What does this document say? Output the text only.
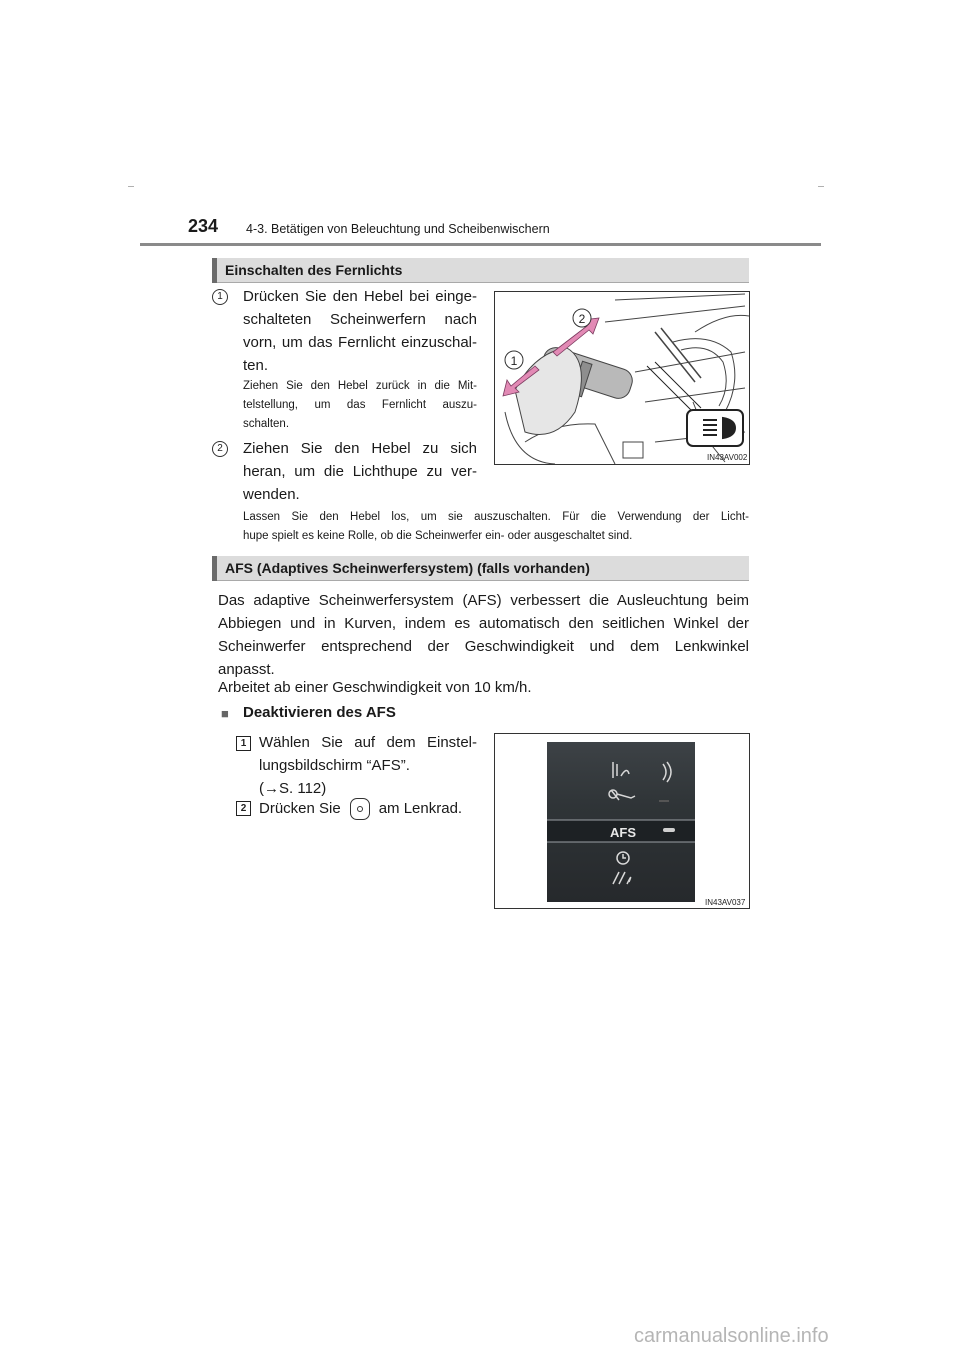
234 4-3. Betätigen von Beleuchtung und Scheibenwischern
Einschalten des Fernlichts
1	Drücken Sie den Hebel bei einge-
schalteten Scheinwerfern nach
vorn, um das Fernlicht einzuschal-
ten.
Ziehen Sie den Hebel zurück in die Mit-
telstellung, um das Fernlicht auszu-
schalten.
2	Ziehen Sie den Hebel zu sich
heran, um die Lichthupe zu ver-
wenden.
Lassen Sie den Hebel los, um sie auszuschalten. Für die Verwendung der Licht-
hupe spielt es keine Rolle, ob die Scheinwerfer ein- oder ausgeschaltet sind.
2
1
IN43AV002
AFS (Adaptives Scheinwerfersystem) (falls vorhanden)
Das adaptive Scheinwerfersystem (AFS) verbessert die Ausleuchtung beim
Abbiegen und in Kurven, indem es automatisch den seitlichen Winkel der
Scheinwerfer entsprechend der Geschwindigkeit und dem Lenkwinkel
anpasst.
Arbeitet ab einer Geschwindigkeit von 10 km/h.
■ Deaktivieren des AFS
1 Wählen Sie auf dem Einstel-
lungsbildschirm “AFS”.
(→S. 112)
2 Drücken Sie	am Lenkrad.
AFS
IN43AV037
carmanualsonline.info
